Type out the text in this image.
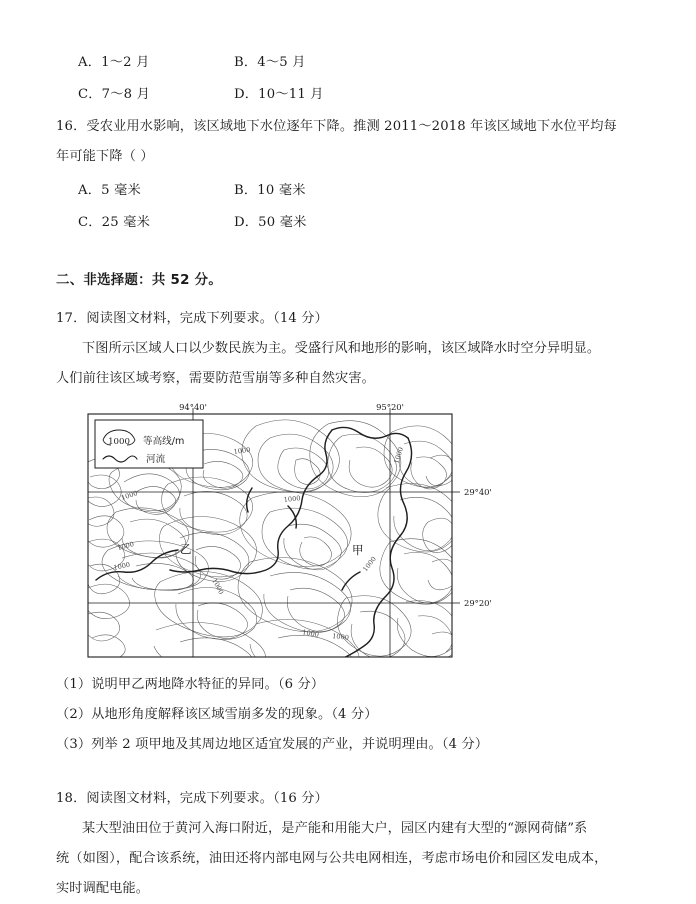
A．1～2 月	B．4～5 月
C．7～8 月	D．10～11 月
16．受农业用水影响，该区域地下水位逐年下降。推测 2011～2018 年该区域地下水位平均每
年可能下降（ ）
A．5 毫米	B．10 毫米
C．25 毫米	D．50 毫米
二、非选择题：共 52 分。
17．阅读图文材料，完成下列要求。（14 分）
下图所示区域人口以少数民族为主。受盛行风和地形的影响，该区域降水时空分异明显。
人们前往该区域考察，需要防范雪崩等多种自然灾害。
94°40'	95°20'
29°40'
29°20'
1000 等高线/m
河流
1000
1000
1000
1000
1000
1000
1000
1000 1000
1000
乙	甲
（1）说明甲乙两地降水特征的异同。（6 分）
（2）从地形角度解释该区域雪崩多发的现象。（4 分）
（3）列举 2 项甲地及其周边地区适宜发展的产业，并说明理由。（4 分）
18．阅读图文材料，完成下列要求。（16 分）
某大型油田位于黄河入海口附近，是产能和用能大户，园区内建有大型的“源网荷储”系
统（如图），配合该系统，油田还将内部电网与公共电网相连，考虑市场电价和园区发电成本，
实时调配电能。
